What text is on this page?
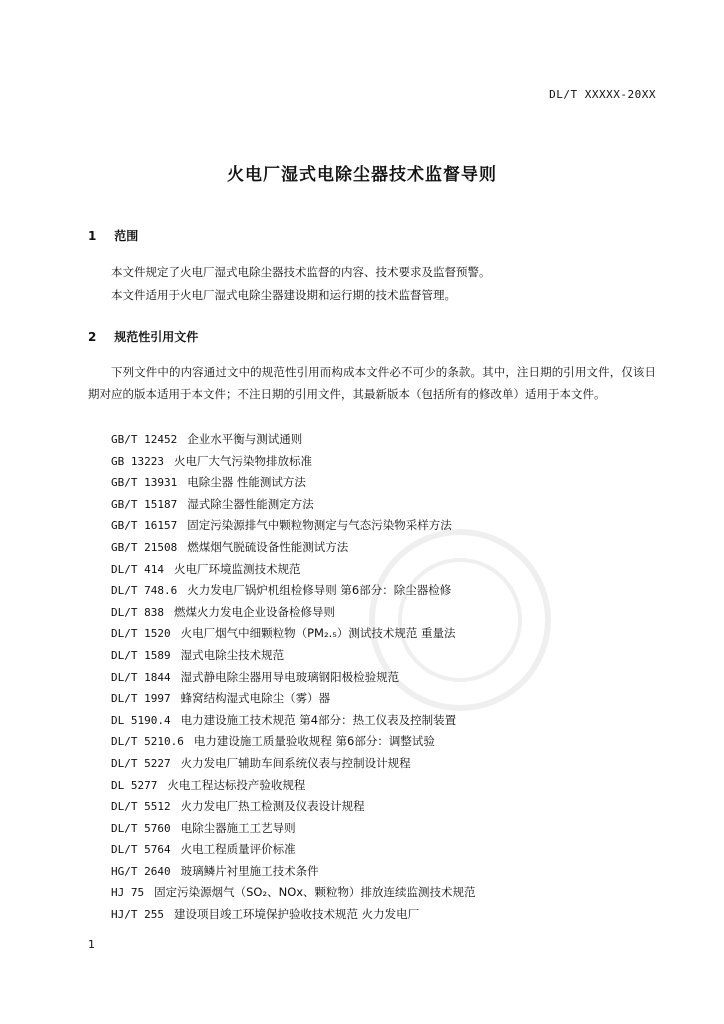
DL/T XXXXX-20XX
火电厂湿式电除尘器技术监督导则
1 范围
本文件规定了火电厂湿式电除尘器技术监督的内容、技术要求及监督预警。
本文件适用于火电厂湿式电除尘器建设期和运行期的技术监督管理。
2 规范性引用文件
下列文件中的内容通过文中的规范性引用而构成本文件必不可少的条款。其中，注日期的引用文件，仅该日期对应的版本适用于本文件；不注日期的引用文件，其最新版本（包括所有的修改单）适用于本文件。
GB/T 12452 企业水平衡与测试通则
GB 13223 火电厂大气污染物排放标准
GB/T 13931 电除尘器 性能测试方法
GB/T 15187 湿式除尘器性能测定方法
GB/T 16157 固定污染源排气中颗粒物测定与气态污染物采样方法
GB/T 21508 燃煤烟气脱硫设备性能测试方法
DL/T 414 火电厂环境监测技术规范
DL/T 748.6 火力发电厂锅炉机组检修导则 第6部分：除尘器检修
DL/T 838 燃煤火力发电企业设备检修导则
DL/T 1520 火电厂烟气中细颗粒物（PM₂.₅）测试技术规范 重量法
DL/T 1589 湿式电除尘技术规范
DL/T 1844 湿式静电除尘器用导电玻璃钢阳极检验规范
DL/T 1997 蜂窝结构湿式电除尘（雾）器
DL 5190.4 电力建设施工技术规范 第4部分：热工仪表及控制装置
DL/T 5210.6 电力建设施工质量验收规程 第6部分：调整试验
DL/T 5227 火力发电厂辅助车间系统仪表与控制设计规程
DL 5277 火电工程达标投产验收规程
DL/T 5512 火力发电厂热工检测及仪表设计规程
DL/T 5760 电除尘器施工工艺导则
DL/T 5764 火电工程质量评价标准
HG/T 2640 玻璃鳞片衬里施工技术条件
HJ 75 固定污染源烟气（SO₂、NOx、颗粒物）排放连续监测技术规范
HJ/T 255 建设项目竣工环境保护验收技术规范 火力发电厂
1
